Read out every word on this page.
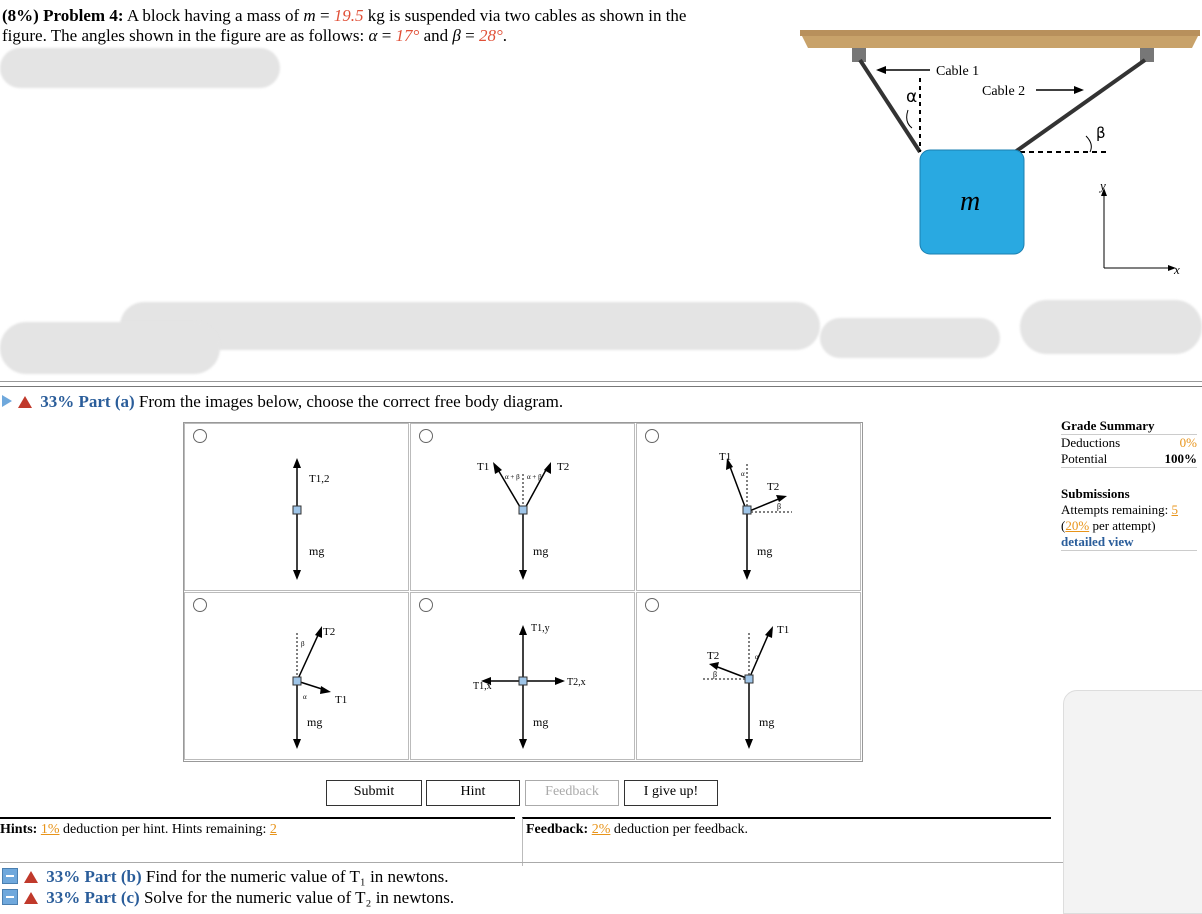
(8%) Problem 4: A block having a mass of m = 19.5 kg is suspended via two cables as shown in the
figure. The angles shown in the figure are as follows: α = 17° and β = 28°.
m
Cable 1
Cable 2
α
β
y
x
33% Part (a) From the images below, choose the correct free body diagram.
T1,2
mg
T1	T2
α + β α + β
mg
T1
T2
α
β
mg
T2
T1
β
α
mg
T1,y
T1,x	T2,x
mg
T1
T2
β
α
mg
Submit	Hint	Feedback	I give up!
Hints: 1% deduction per hint. Hints remaining: 2	Feedback: 2% deduction per feedback.
33% Part (b) Find for the numeric value of T₁ in newtons.
33% Part (c) Solve for the numeric value of T₂ in newtons.
Grade Summary
Deductions	0%
Potential	100%
Submissions
Attempts remaining: 5
(20% per attempt)
detailed view
